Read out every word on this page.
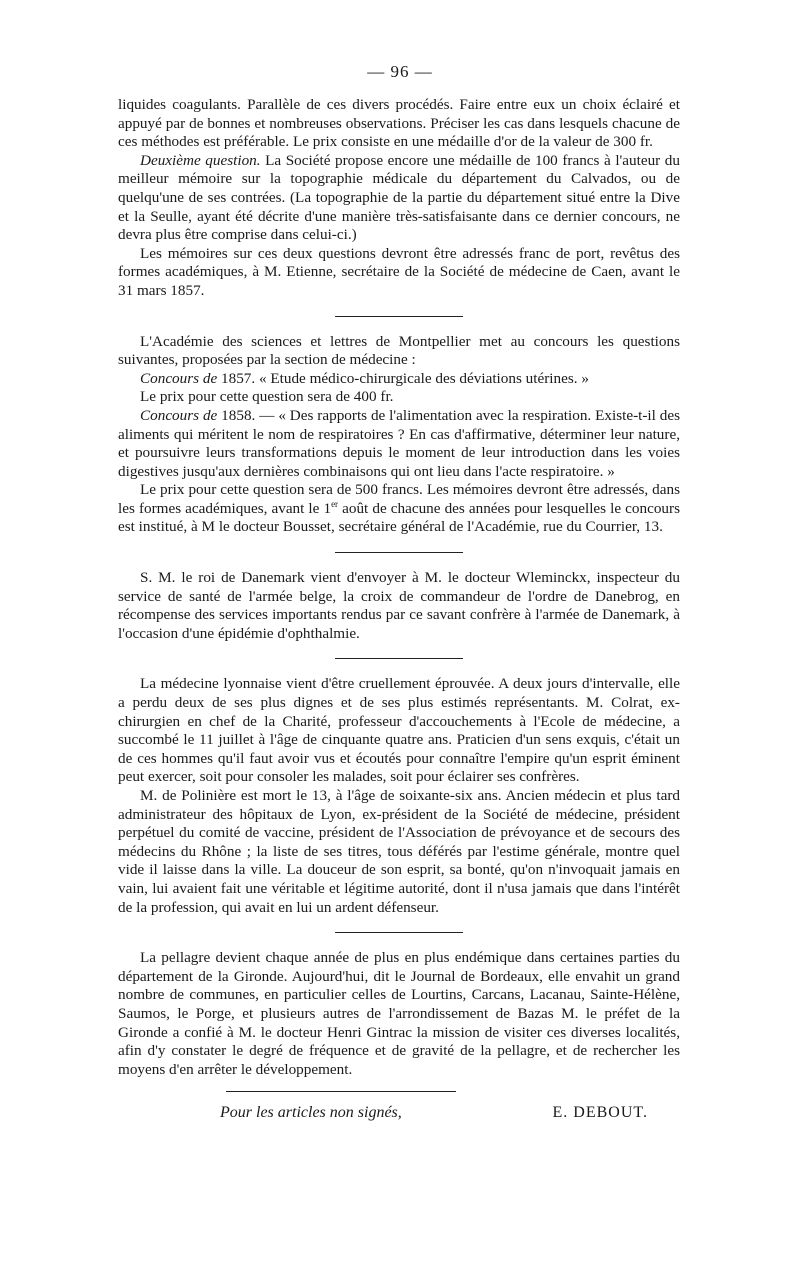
— 96 —

liquides coagulants. Parallèle de ces divers procédés. Faire entre eux un choix éclairé et appuyé par de bonnes et nombreuses observations. Préciser les cas dans lesquels chacune de ces méthodes est préférable. Le prix consiste en une médaille d'or de la valeur de 300 fr.

Deuxième question. La Société propose encore une médaille de 100 francs à l'auteur du meilleur mémoire sur la topographie médicale du département du Calvados, ou de quelqu'une de ses contrées. (La topographie de la partie du département situé entre la Dive et la Seulle, ayant été décrite d'une manière très-satisfaisante dans ce dernier concours, ne devra plus être comprise dans celui-ci.)

Les mémoires sur ces deux questions devront être adressés franc de port, revêtus des formes académiques, à M. Etienne, secrétaire de la Société de médecine de Caen, avant le 31 mars 1857.

L'Académie des sciences et lettres de Montpellier met au concours les questions suivantes, proposées par la section de médecine :

Concours de 1857. « Etude médico-chirurgicale des déviations utérines. »

Le prix pour cette question sera de 400 fr.

Concours de 1858. — « Des rapports de l'alimentation avec la respiration. Existe-t-il des aliments qui méritent le nom de respiratoires ? En cas d'affirmative, déterminer leur nature, et poursuivre leurs transformations depuis le moment de leur introduction dans les voies digestives jusqu'aux dernières combinaisons qui ont lieu dans l'acte respiratoire. »

Le prix pour cette question sera de 500 francs. Les mémoires devront être adressés, dans les formes académiques, avant le 1er août de chacune des années pour lesquelles le concours est institué, à M le docteur Bousset, secrétaire général de l'Académie, rue du Courrier, 13.

S. M. le roi de Danemark vient d'envoyer à M. le docteur Wleminckx, inspecteur du service de santé de l'armée belge, la croix de commandeur de l'ordre de Danebrog, en récompense des services importants rendus par ce savant confrère à l'armée de Danemark, à l'occasion d'une épidémie d'ophthalmie.

La médecine lyonnaise vient d'être cruellement éprouvée. A deux jours d'intervalle, elle a perdu deux de ses plus dignes et de ses plus estimés représentants. M. Colrat, ex-chirurgien en chef de la Charité, professeur d'accouchements à l'Ecole de médecine, a succombé le 11 juillet à l'âge de cinquante quatre ans. Praticien d'un sens exquis, c'était un de ces hommes qu'il faut avoir vus et écoutés pour connaître l'empire qu'un esprit éminent peut exercer, soit pour consoler les malades, soit pour éclairer ses confrères.

M. de Polinière est mort le 13, à l'âge de soixante-six ans. Ancien médecin et plus tard administrateur des hôpitaux de Lyon, ex-président de la Société de médecine, président perpétuel du comité de vaccine, président de l'Association de prévoyance et de secours des médecins du Rhône ; la liste de ses titres, tous déférés par l'estime générale, montre quel vide il laisse dans la ville. La douceur de son esprit, sa bonté, qu'on n'invoquait jamais en vain, lui avaient fait une véritable et légitime autorité, dont il n'usa jamais que dans l'intérêt de la profession, qui avait en lui un ardent défenseur.

La pellagre devient chaque année de plus en plus endémique dans certaines parties du département de la Gironde. Aujourd'hui, dit le Journal de Bordeaux, elle envahit un grand nombre de communes, en particulier celles de Lourtins, Carcans, Lacanau, Sainte-Hélène, Saumos, le Porge, et plusieurs autres de l'arrondissement de Bazas M. le préfet de la Gironde a confié à M. le docteur Henri Gintrac la mission de visiter ces diverses localités, afin d'y constater le degré de fréquence et de gravité de la pellagre, et de rechercher les moyens d'en arrêter le développement.

Pour les articles non signés,	E. DEBOUT.
